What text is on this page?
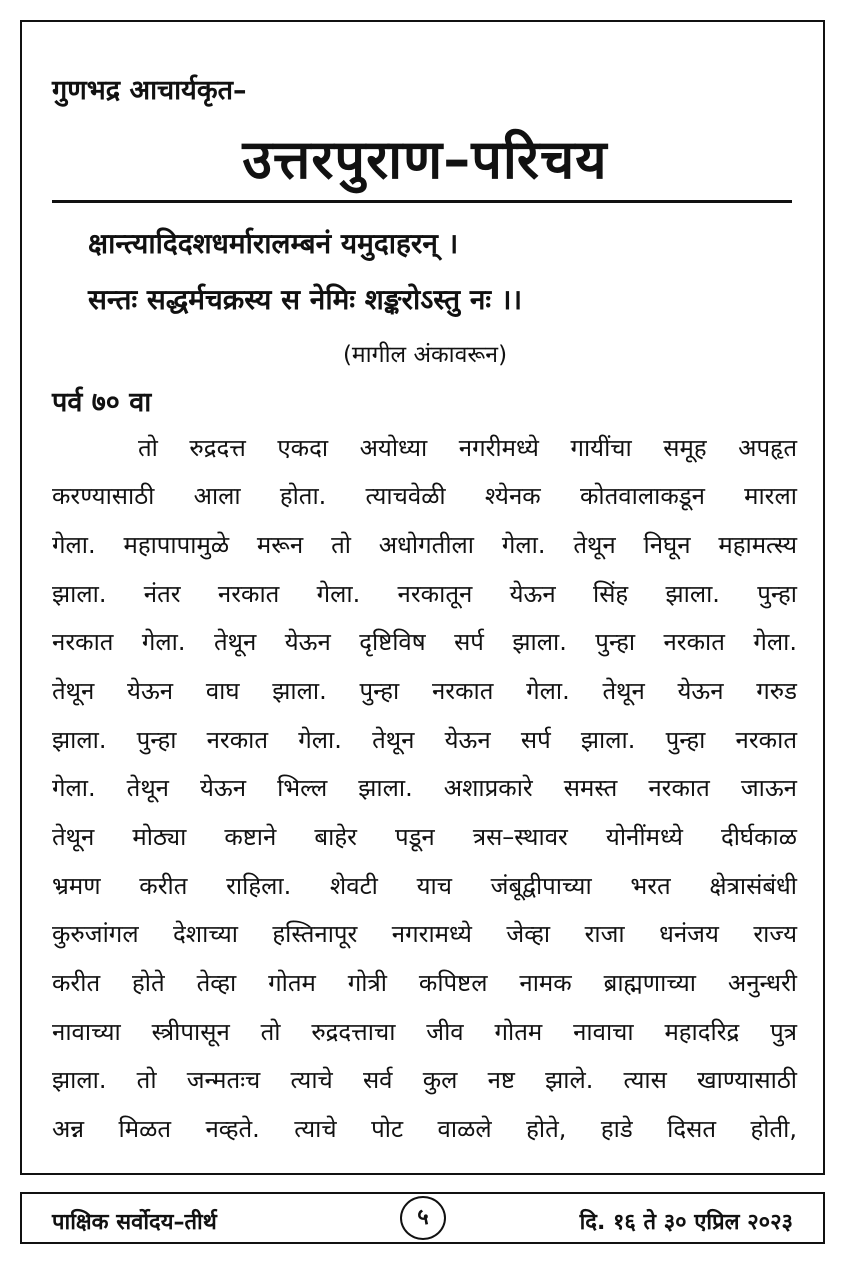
गुणभद्र आचार्यकृत–
उत्तरपुराण–परिचय
क्षान्त्यादिदशधर्मारालम्बनं यमुदाहरन् ।
सन्तः सद्धर्मचक्रस्य स नेमिः शङ्करोऽस्तु नः ।।
(मागील अंकावरून)
पर्व ७० वा
तो रुद्रदत्त एकदा अयोध्या नगरीमध्ये गायींचा समूह अपहृत
करण्यासाठी आला होता. त्याचवेळी श्येनक कोतवालाकडून मारला
गेला. महापापामुळे मरून तो अधोगतीला गेला. तेथून निघून महामत्स्य
झाला. नंतर नरकात गेला. नरकातून येऊन सिंह झाला. पुन्हा
नरकात गेला. तेथून येऊन दृष्टिविष सर्प झाला. पुन्हा नरकात गेला.
तेथून येऊन वाघ झाला. पुन्हा नरकात गेला. तेथून येऊन गरुड
झाला. पुन्हा नरकात गेला. तेथून येऊन सर्प झाला. पुन्हा नरकात
गेला. तेथून येऊन भिल्ल झाला. अशाप्रकारे समस्त नरकात जाऊन
तेथून मोठ्या कष्टाने बाहेर पडून त्रस–स्थावर योनींमध्ये दीर्घकाळ
भ्रमण करीत राहिला. शेवटी याच जंबूद्वीपाच्या भरत क्षेत्रासंबंधी
कुरुजांगल देशाच्या हस्तिनापूर नगरामध्ये जेव्हा राजा धनंजय राज्य
करीत होते तेव्हा गोतम गोत्री कपिष्टल नामक ब्राह्मणाच्या अनुन्धरी
नावाच्या स्त्रीपासून तो रुद्रदत्ताचा जीव गोतम नावाचा महादरिद्र पुत्र
झाला. तो जन्मतःच त्याचे सर्व कुल नष्ट झाले. त्यास खाण्यासाठी
अन्न मिळत नव्हते. त्याचे पोट वाळले होते, हाडे दिसत होती,
पाक्षिक सर्वोदय–तीर्थ	५	दि. १६ ते ३० एप्रिल २०२३
